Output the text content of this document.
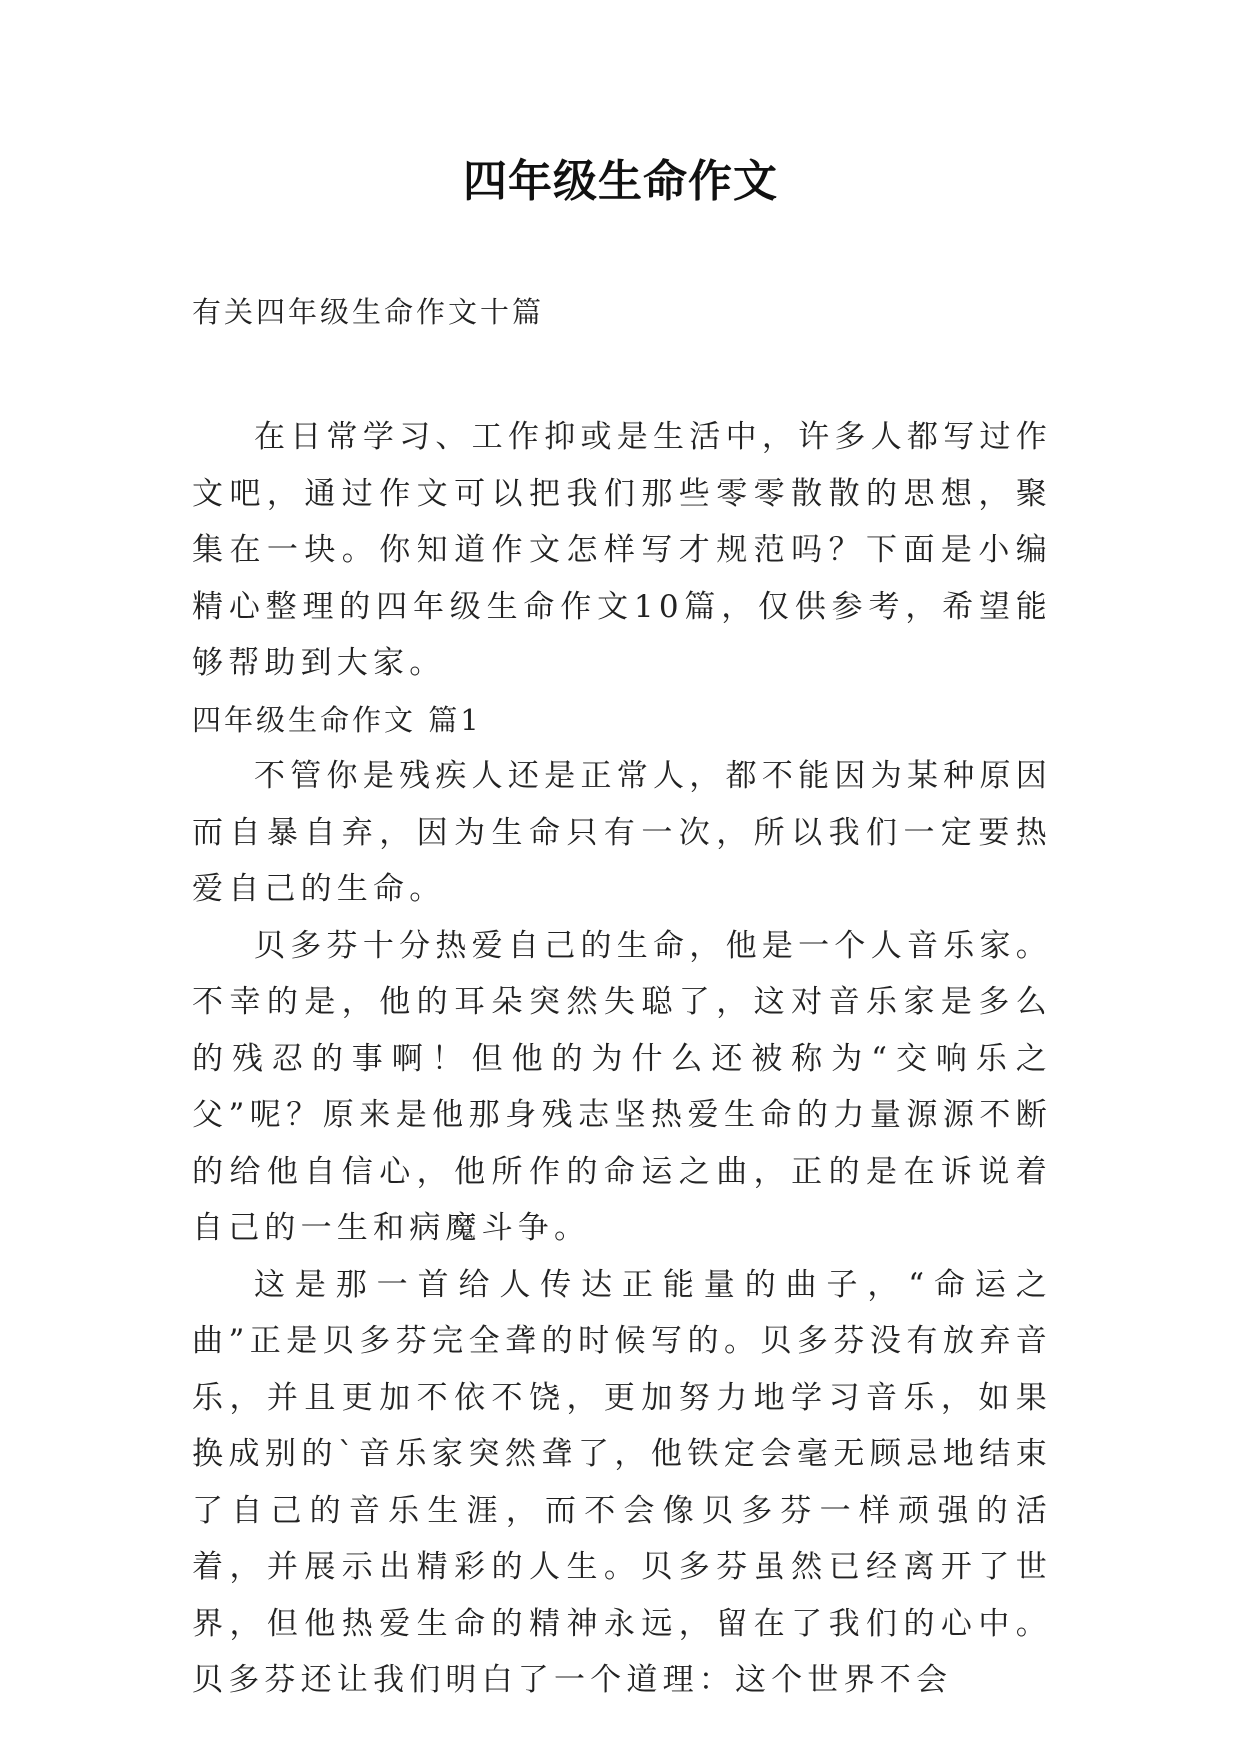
四年级生命作文
有关四年级生命作文十篇

在日常学习、工作抑或是生活中，许多人都写过作文吧，通过作文可以把我们那些零零散散的思想，聚集在一块。你知道作文怎样写才规范吗？下面是小编精心整理的四年级生命作文10篇，仅供参考，希望能够帮助到大家。

四年级生命作文 篇1

不管你是残疾人还是正常人，都不能因为某种原因而自暴自弃，因为生命只有一次，所以我们一定要热爱自己的生命。

贝多芬十分热爱自己的生命，他是一个人音乐家。不幸的是，他的耳朵突然失聪了，这对音乐家是多么的残忍的事啊！但他的为什么还被称为“交响乐之父”呢？原来是他那身残志坚热爱生命的力量源源不断的给他自信心，他所作的命运之曲，正的是在诉说着自己的一生和病魔斗争。

这是那一首给人传达正能量的曲子，“命运之曲”正是贝多芬完全聋的时候写的。贝多芬没有放弃音乐，并且更加不依不饶，更加努力地学习音乐，如果换成别的`音乐家突然聋了，他铁定会毫无顾忌地结束了自己的音乐生涯，而不会像贝多芬一样顽强的活着，并展示出精彩的人生。贝多芬虽然已经离开了世界，但他热爱生命的精神永远，留在了我们的心中。贝多芬还让我们明白了一个道理：这个世界不会
